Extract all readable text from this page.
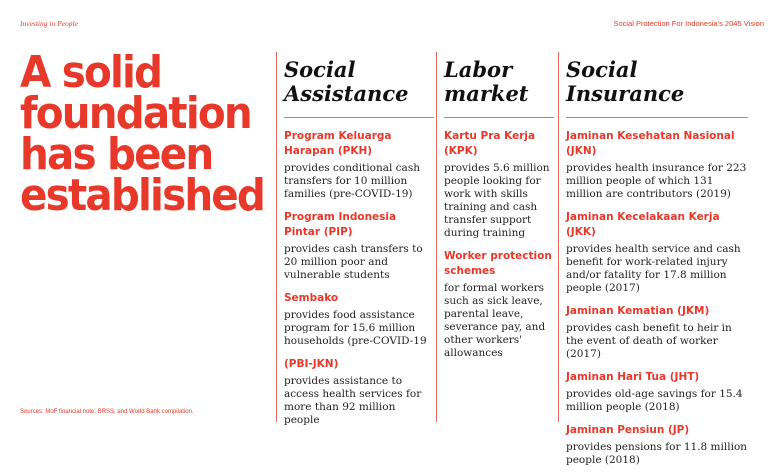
Investing in People	Social Protection For Indonesia's 2045 Vision
A solid
foundation
has been
established
Sources: MoF financial note, BRSS, and World Bank compilation.
Social
Assistance
Program Keluarga Harapan (PKH)
provides conditional cash transfers for 10 million families (pre-COVID-19)
Program Indonesia Pintar (PIP)
provides cash transfers to 20 million poor and vulnerable students
Sembako
provides food assistance program for 15.6 million households (pre-COVID-19
(PBI-JKN)
provides assistance to access health services for more than 92 million people
Labor
market
Kartu Pra Kerja (KPK)
provides 5.6 million people looking for work with skills training and cash transfer support during training
Worker protection schemes
for formal workers such as sick leave, parental leave, severance pay, and other workers' allowances
Social
Insurance
Jaminan Kesehatan Nasional (JKN)
provides health insurance for 223 million people of which 131 million are contributors (2019)
Jaminan Kecelakaan Kerja (JKK)
provides health service and cash benefit for work-related injury and/or fatality for 17.8 million people (2017)
Jaminan Kematian (JKM)
provides cash benefit to heir in the event of death of worker (2017)
Jaminan Hari Tua (JHT)
provides old-age savings for 15.4 million people (2018)
Jaminan Pensiun (JP)
provides pensions for 11.8 million people (2018)
